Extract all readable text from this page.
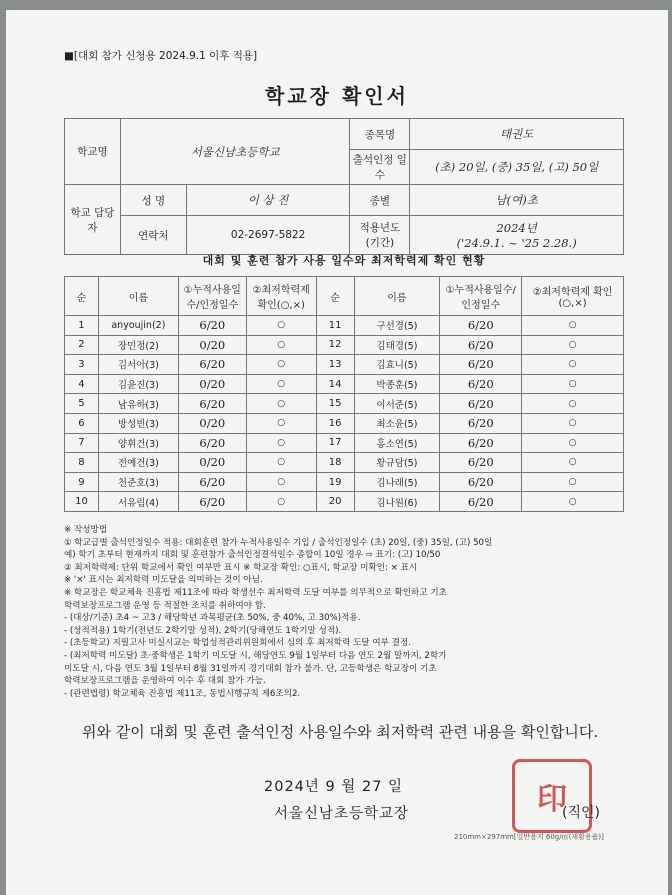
■[대회 참가 신청용 2024.9.1 이후 적용]
학교장 확인서
학교명	서울신남초등학교		종목명	태권도
			출석인정 일수	(초) 20일, (중) 35일, (고) 50일
학교 담당자	성 명	이 상 진	종별	남(여)초
	연락처	02-2697-5822	적용년도 (기간)	2024년
('24.9.1. ~ '25 2.28.)
대회 및 훈련 참가 사용 일수와 최저학력제 확인 현황
순	이름	①누적사용일수/인정일수	②최저학력제 확인(○,×)	순	이름	①누적사용일수/인정일수	②최저학력제 확인(○,×)
1	anyoujin(2)	6/20	○	11	구선경(5)	6/20	○
2	장민정(2)	0/20	○	12	김태경(5)	6/20	○
3	김서아(3)	6/20	○	13	김효니(5)	6/20	○
4	김윤진(3)	0/20	○	14	박종훈(5)	6/20	○
5	남유하(3)	6/20	○	15	이서준(5)	6/20	○
6	방성빈(3)	0/20	○	16	최소윤(5)	6/20	○
7	양휘건(3)	6/20	○	17	홍소연(5)	6/20	○
8	전예건(3)	0/20	○	18	황규담(5)	6/20	○
9	천준호(3)	6/20	○	19	김나래(5)	6/20	○
10	서유림(4)	6/20	○	20	김나원(6)	6/20	○
※ 작성방법
① 학교급별 출석인정일수 적용: 대회훈련 참가 누적사용일수 기입 / 출석인정일수 (초) 20일, (중) 35일, (고) 50일
예) 학기 초부터 현재까지 대회 및 훈련참가 출석인정결석일수 종합이 10일 경우 ⇨ 표기: (고) 10/50
② 최저학력제: 단위 학교에서 확인 여부만 표시 ※ 학교장 확인: ○표시, 학교장 미확인: × 표시
※ '×' 표시는 최저학력 미도달을 의미하는 것이 아님.
※ 학교장은 학교체육 진흥법 제11조에 따라 학생선수 최저학력 도달 여부를 의무적으로 확인하고 기초
학력보장프로그램 운영 등 적절한 조치를 취하여야 함.
- (대상/기준) 초4 ~ 고3 / 해당학년 과목평균(초 50%, 중 40%, 고 30%)적용.
- (성적적용) 1학기(전년도 2학기말 성적), 2학기(당해연도 1학기말 성적).
- (초등학교) 지필고사 미실시교는 학업성적관리위원회에서 심의 후 최저학력 도달 여부 결정.
- (최저학력 미도달) 초·중학생은 1학기 미도달 시, 해당연도 9월 1일부터 다음 연도 2월 말까지, 2학기
미도달 시, 다음 연도 3월 1일부터 8월 31일까지 경기대회 참가 불가. 단, 고등학생은 학교장이 기초
학력보장프로그램을 운영하여 이수 후 대회 참가 가능.
- (관련법령) 학교체육 진흥법 제11조, 동법시행규칙 제6조의2.
위와 같이 대회 및 훈련 출석인정 사용일수와 최저학력 관련 내용을 확인합니다.
2024년 9 월 27 일
서울신남초등학교장	印
(직인)
210mm×297mm[일반용지 60g/㎡(재활용품)]
